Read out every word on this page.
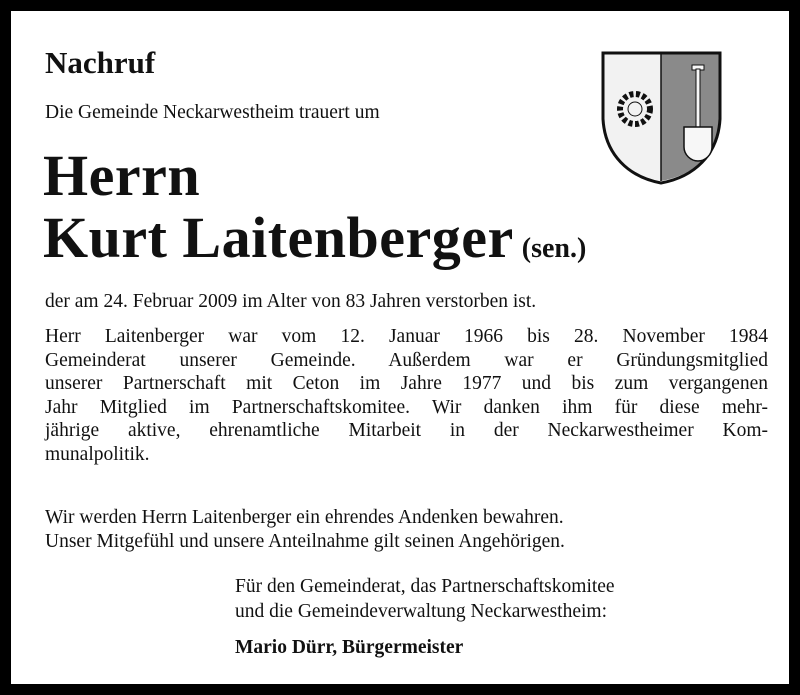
Nachruf
Die Gemeinde Neckarwestheim trauert um
Herrn
Kurt Laitenberger (sen.)
der am 24. Februar 2009 im Alter von 83 Jahren verstorben ist.
Herr Laitenberger war vom 12. Januar 1966 bis 28. November 1984
Gemeinderat unserer Gemeinde. Außerdem war er Gründungsmitglied
unserer Partnerschaft mit Ceton im Jahre 1977 und bis zum vergangenen
Jahr Mitglied im Partnerschaftskomitee. Wir danken ihm für diese mehr-
jährige aktive, ehrenamtliche Mitarbeit in der Neckarwestheimer Kom-
munalpolitik.
Wir werden Herrn Laitenberger ein ehrendes Andenken bewahren.
Unser Mitgefühl und unsere Anteilnahme gilt seinen Angehörigen.
Für den Gemeinderat, das Partnerschaftskomitee
und die Gemeindeverwaltung Neckarwestheim:
Mario Dürr, Bürgermeister
